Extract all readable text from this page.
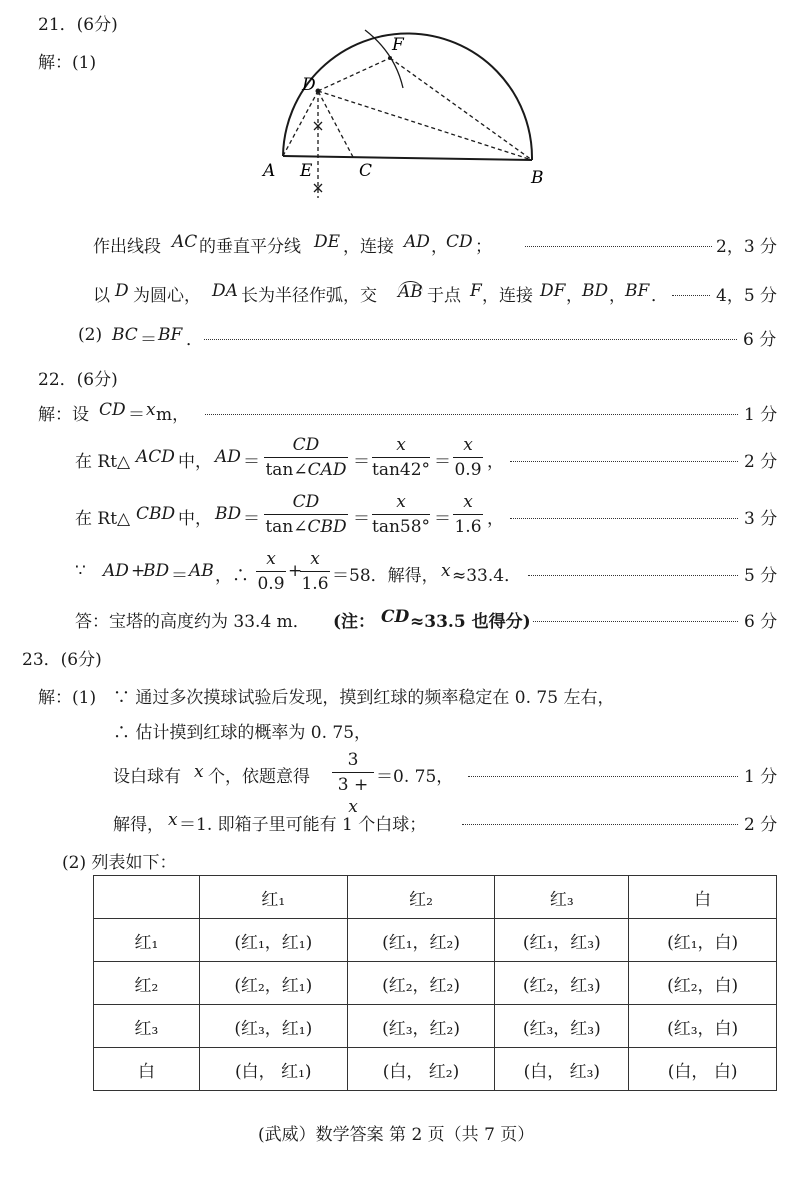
21．(6分)
解：(1)
A E	C	B
D
F
作出线段 AC 的垂直平分线 DE ，连接 AD ，
CD ；	2，3 分
以 D 为圆心， DA 长为半径作弧，交 AB 于点 F ，连接 DF ， BD ， BF ．	4，5 分
(2) BC ＝ BF ．	6 分
22．(6分)
解：设 CD ＝ x m，	1 分
在 Rt△ ACD 中， AD ＝
CD
tan∠CAD ＝
x
tan42° ＝
x
0.9 ，	2 分
在 Rt△ CBD 中， BD ＝
CD
tan∠CBD ＝
x
tan58° ＝
x
1.6 ，	3 分
∵ AD +
BD ＝ AB ，∴
x
0.9
+
x
1.6 ＝58．解得， x ≈33.4．	5 分
答：宝塔的高度约为 33.4 m． (注： CD ≈33.5 也得分)	6 分
23．(6分)
解：(1) ∵ 通过多次摸球试验后发现，摸到红球的频率稳定在 0. 75 左右，
∴ 估计摸到红球的概率为 0. 75，
设白球有 x 个，依题意得
3
3 + x
＝0. 75，	1 分
解得， x ＝1. 即箱子里可能有 1 个白球；	2 分
(2) 列表如下：
	红₁	红₂	红₃	白
红₁	(红₁，红₁)	(红₁，红₂)	(红₁，红₃)	(红₁，白)
红₂	(红₂，红₁)	(红₂，红₂)	(红₂，红₃)	(红₂，白)
红₃	(红₃，红₁)	(红₃，红₂)	(红₃，红₃)	(红₃，白)
白	(白， 红₁)	(白， 红₂)	(白， 红₃)	(白， 白)
(武威）数学答案 第 2 页（共 7 页）
